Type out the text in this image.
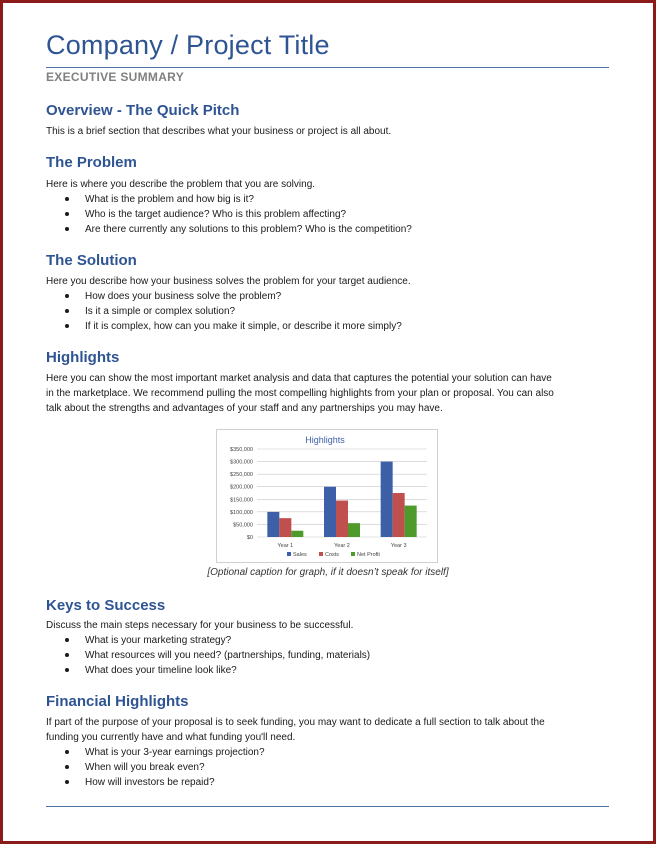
Company / Project Title
EXECUTIVE SUMMARY
Overview - The Quick Pitch
This is a brief section that describes what your business or project is all about.
The Problem
Here is where you describe the problem that you are solving.
What is the problem and how big is it?
Who is the target audience? Who is this problem affecting?
Are there currently any solutions to this problem? Who is the competition?
The Solution
Here you describe how your business solves the problem for your target audience.
How does your business solve the problem?
Is it a simple or complex solution?
If it is complex, how can you make it simple, or describe it more simply?
Highlights
Here you can show the most important market analysis and data that captures the potential your solution can have
in the marketplace. We recommend pulling the most compelling highlights from your plan or proposal. You can also
talk about the strengths and advantages of your staff and any partnerships you may have.
Highlights
$0
$50,000
$100,000
$150,000
$200,000
$250,000
$300,000
$350,000
Year 1	Year 2	Year 3
Sales	Costs	Net Profit
[Optional caption for graph, if it doesn’t speak for itself]
Keys to Success
Discuss the main steps necessary for your business to be successful.
What is your marketing strategy?
What resources will you need? (partnerships, funding, materials)
What does your timeline look like?
Financial Highlights
If part of the purpose of your proposal is to seek funding, you may want to dedicate a full section to talk about the
funding you currently have and what funding you'll need.
What is your 3-year earnings projection?
When will you break even?
How will investors be repaid?
